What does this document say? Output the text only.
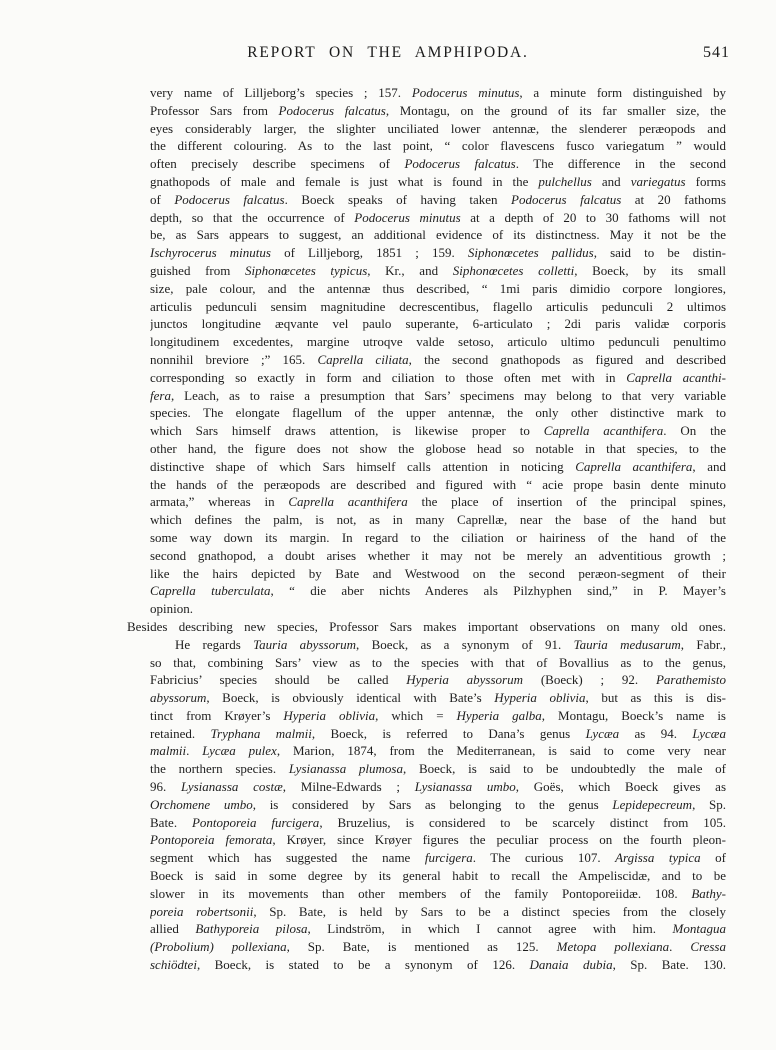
REPORT ON THE AMPHIPODA.	541
very name of Lilljeborg’s species ; 157. Podocerus minutus, a minute form distinguished by
Professor Sars from Podocerus falcatus, Montagu, on the ground of its far smaller size, the
eyes considerably larger, the slighter unciliated lower antennæ, the slenderer peræopods and
the different colouring. As to the last point, “ color flavescens fusco variegatum ” would
often precisely describe specimens of Podocerus falcatus. The difference in the second
gnathopods of male and female is just what is found in the pulchellus and variegatus forms
of Podocerus falcatus. Boeck speaks of having taken Podocerus falcatus at 20 fathoms
depth, so that the occurrence of Podocerus minutus at a depth of 20 to 30 fathoms will not
be, as Sars appears to suggest, an additional evidence of its distinctness. May it not be the
Ischyrocerus minutus of Lilljeborg, 1851 ; 159. Siphonœcetes pallidus, said to be distin-
guished from Siphonœcetes typicus, Kr., and Siphonœcetes colletti, Boeck, by its small
size, pale colour, and the antennæ thus described, “ 1mi paris dimidio corpore longiores,
articulis pedunculi sensim magnitudine decrescentibus, flagello articulis pedunculi 2 ultimos
junctos longitudine æqvante vel paulo superante, 6-articulato ; 2di paris validæ corporis
longitudinem excedentes, margine utroqve valde setoso, articulo ultimo pedunculi penultimo
nonnihil breviore ;” 165. Caprella ciliata, the second gnathopods as figured and described
corresponding so exactly in form and ciliation to those often met with in Caprella acanthi-
fera, Leach, as to raise a presumption that Sars’ specimens may belong to that very variable
species. The elongate flagellum of the upper antennæ, the only other distinctive mark to
which Sars himself draws attention, is likewise proper to Caprella acanthifera. On the
other hand, the figure does not show the globose head so notable in that species, to the
distinctive shape of which Sars himself calls attention in noticing Caprella acanthifera, and
the hands of the peræopods are described and figured with “ acie prope basin dente minuto
armata,” whereas in Caprella acanthifera the place of insertion of the principal spines,
which defines the palm, is not, as in many Caprellæ, near the base of the hand but
some way down its margin. In regard to the ciliation or hairiness of the hand of the
second gnathopod, a doubt arises whether it may not be merely an adventitious growth ;
like the hairs depicted by Bate and Westwood on the second peræon-segment of their
Caprella tuberculata, “ die aber nichts Anderes als Pilzhyphen sind,” in P. Mayer’s
opinion.
Besides describing new species, Professor Sars makes important observations on many old ones.
He regards Tauria abyssorum, Boeck, as a synonym of 91. Tauria medusarum, Fabr.,
so that, combining Sars’ view as to the species with that of Bovallius as to the genus,
Fabricius’ species should be called Hyperia abyssorum (Boeck) ; 92. Parathemisto
abyssorum, Boeck, is obviously identical with Bate’s Hyperia oblivia, but as this is dis-
tinct from Krøyer’s Hyperia oblivia, which = Hyperia galba, Montagu, Boeck’s name is
retained. Tryphana malmii, Boeck, is referred to Dana’s genus Lycæa as 94. Lycæa
malmii. Lycæa pulex, Marion, 1874, from the Mediterranean, is said to come very near
the northern species. Lysianassa plumosa, Boeck, is said to be undoubtedly the male of
96. Lysianassa costæ, Milne-Edwards ; Lysianassa umbo, Goës, which Boeck gives as
Orchomene umbo, is considered by Sars as belonging to the genus Lepidepecreum, Sp.
Bate. Pontoporeia furcigera, Bruzelius, is considered to be scarcely distinct from 105.
Pontoporeia femorata, Krøyer, since Krøyer figures the peculiar process on the fourth pleon-
segment which has suggested the name furcigera. The curious 107. Argissa typica of
Boeck is said in some degree by its general habit to recall the Ampeliscidæ, and to be
slower in its movements than other members of the family Pontoporeiidæ. 108. Bathy-
poreia robertsonii, Sp. Bate, is held by Sars to be a distinct species from the closely
allied Bathyporeia pilosa, Lindström, in which I cannot agree with him. Montagua
(Probolium) pollexiana, Sp. Bate, is mentioned as 125. Metopa pollexiana. Cressa
schiödtei, Boeck, is stated to be a synonym of 126. Danaia dubia, Sp. Bate. 130.
